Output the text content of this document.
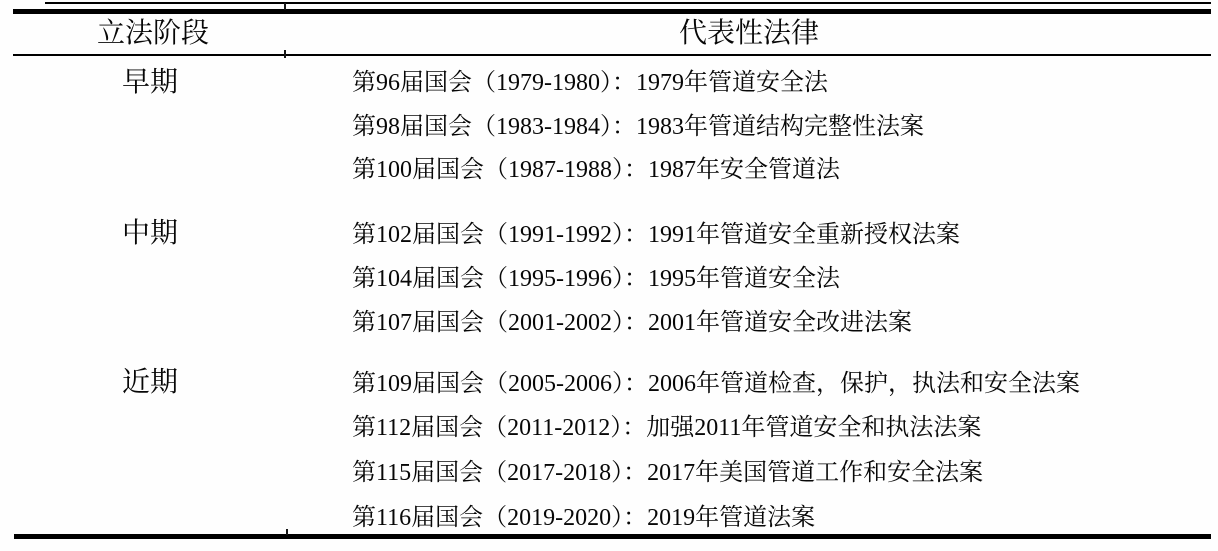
立法阶段	代表性法律
早期	第96届国会（1979-1980）：1979年管道安全法
第98届国会（1983-1984）：1983年管道结构完整性法案
第100届国会（1987-1988）：1987年安全管道法
中期	第102届国会（1991-1992）：1991年管道安全重新授权法案
第104届国会（1995-1996）：1995年管道安全法
第107届国会（2001-2002）：2001年管道安全改进法案
近期	第109届国会（2005-2006）：2006年管道检查，保护，执法和安全法案
第112届国会（2011-2012）：加强2011年管道安全和执法法案
第115届国会（2017-2018）：2017年美国管道工作和安全法案
第116届国会（2019-2020）：2019年管道法案
